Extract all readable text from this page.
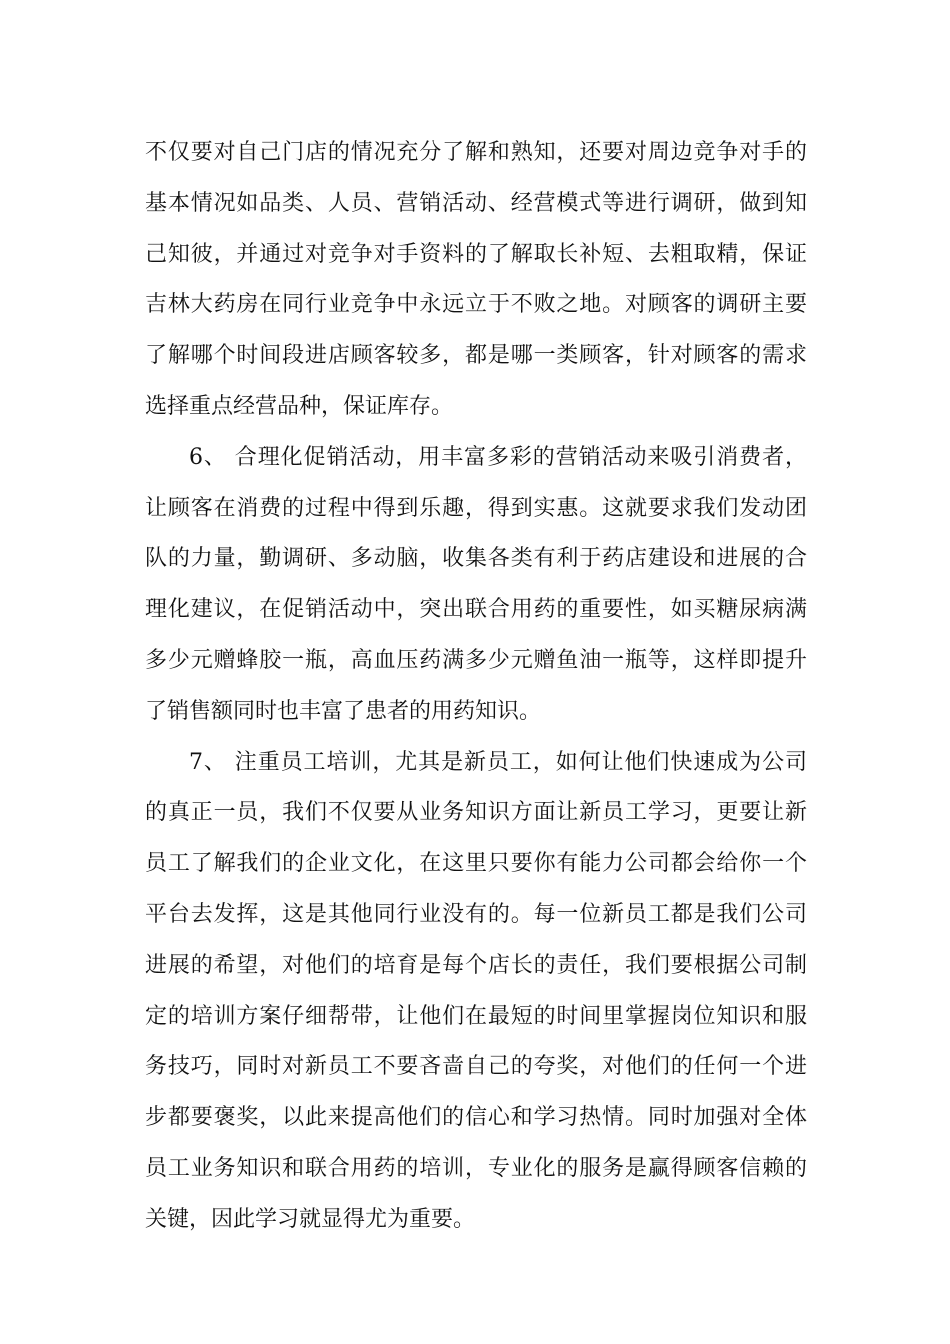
不仅要对自己门店的情况充分了解和熟知，还要对周边竞争对手的
基本情况如品类、人员、营销活动、经营模式等进行调研，做到知
己知彼，并通过对竞争对手资料的了解取长补短、去粗取精，保证
吉林大药房在同行业竞争中永远立于不败之地。对顾客的调研主要
了解哪个时间段进店顾客较多，都是哪一类顾客，针对顾客的需求
选择重点经营品种，保证库存。
6、 合理化促销活动，用丰富多彩的营销活动来吸引消费者，
让顾客在消费的过程中得到乐趣，得到实惠。这就要求我们发动团
队的力量，勤调研、多动脑，收集各类有利于药店建设和进展的合
理化建议，在促销活动中，突出联合用药的重要性，如买糖尿病满
多少元赠蜂胶一瓶，高血压药满多少元赠鱼油一瓶等，这样即提升
了销售额同时也丰富了患者的用药知识。
7、 注重员工培训，尤其是新员工，如何让他们快速成为公司
的真正一员，我们不仅要从业务知识方面让新员工学习，更要让新
员工了解我们的企业文化，在这里只要你有能力公司都会给你一个
平台去发挥，这是其他同行业没有的。每一位新员工都是我们公司
进展的希望，对他们的培育是每个店长的责任，我们要根据公司制
定的培训方案仔细帮带，让他们在最短的时间里掌握岗位知识和服
务技巧，同时对新员工不要吝啬自己的夸奖，对他们的任何一个进
步都要褒奖，以此来提高他们的信心和学习热情。同时加强对全体
员工业务知识和联合用药的培训，专业化的服务是赢得顾客信赖的
关键，因此学习就显得尤为重要。
